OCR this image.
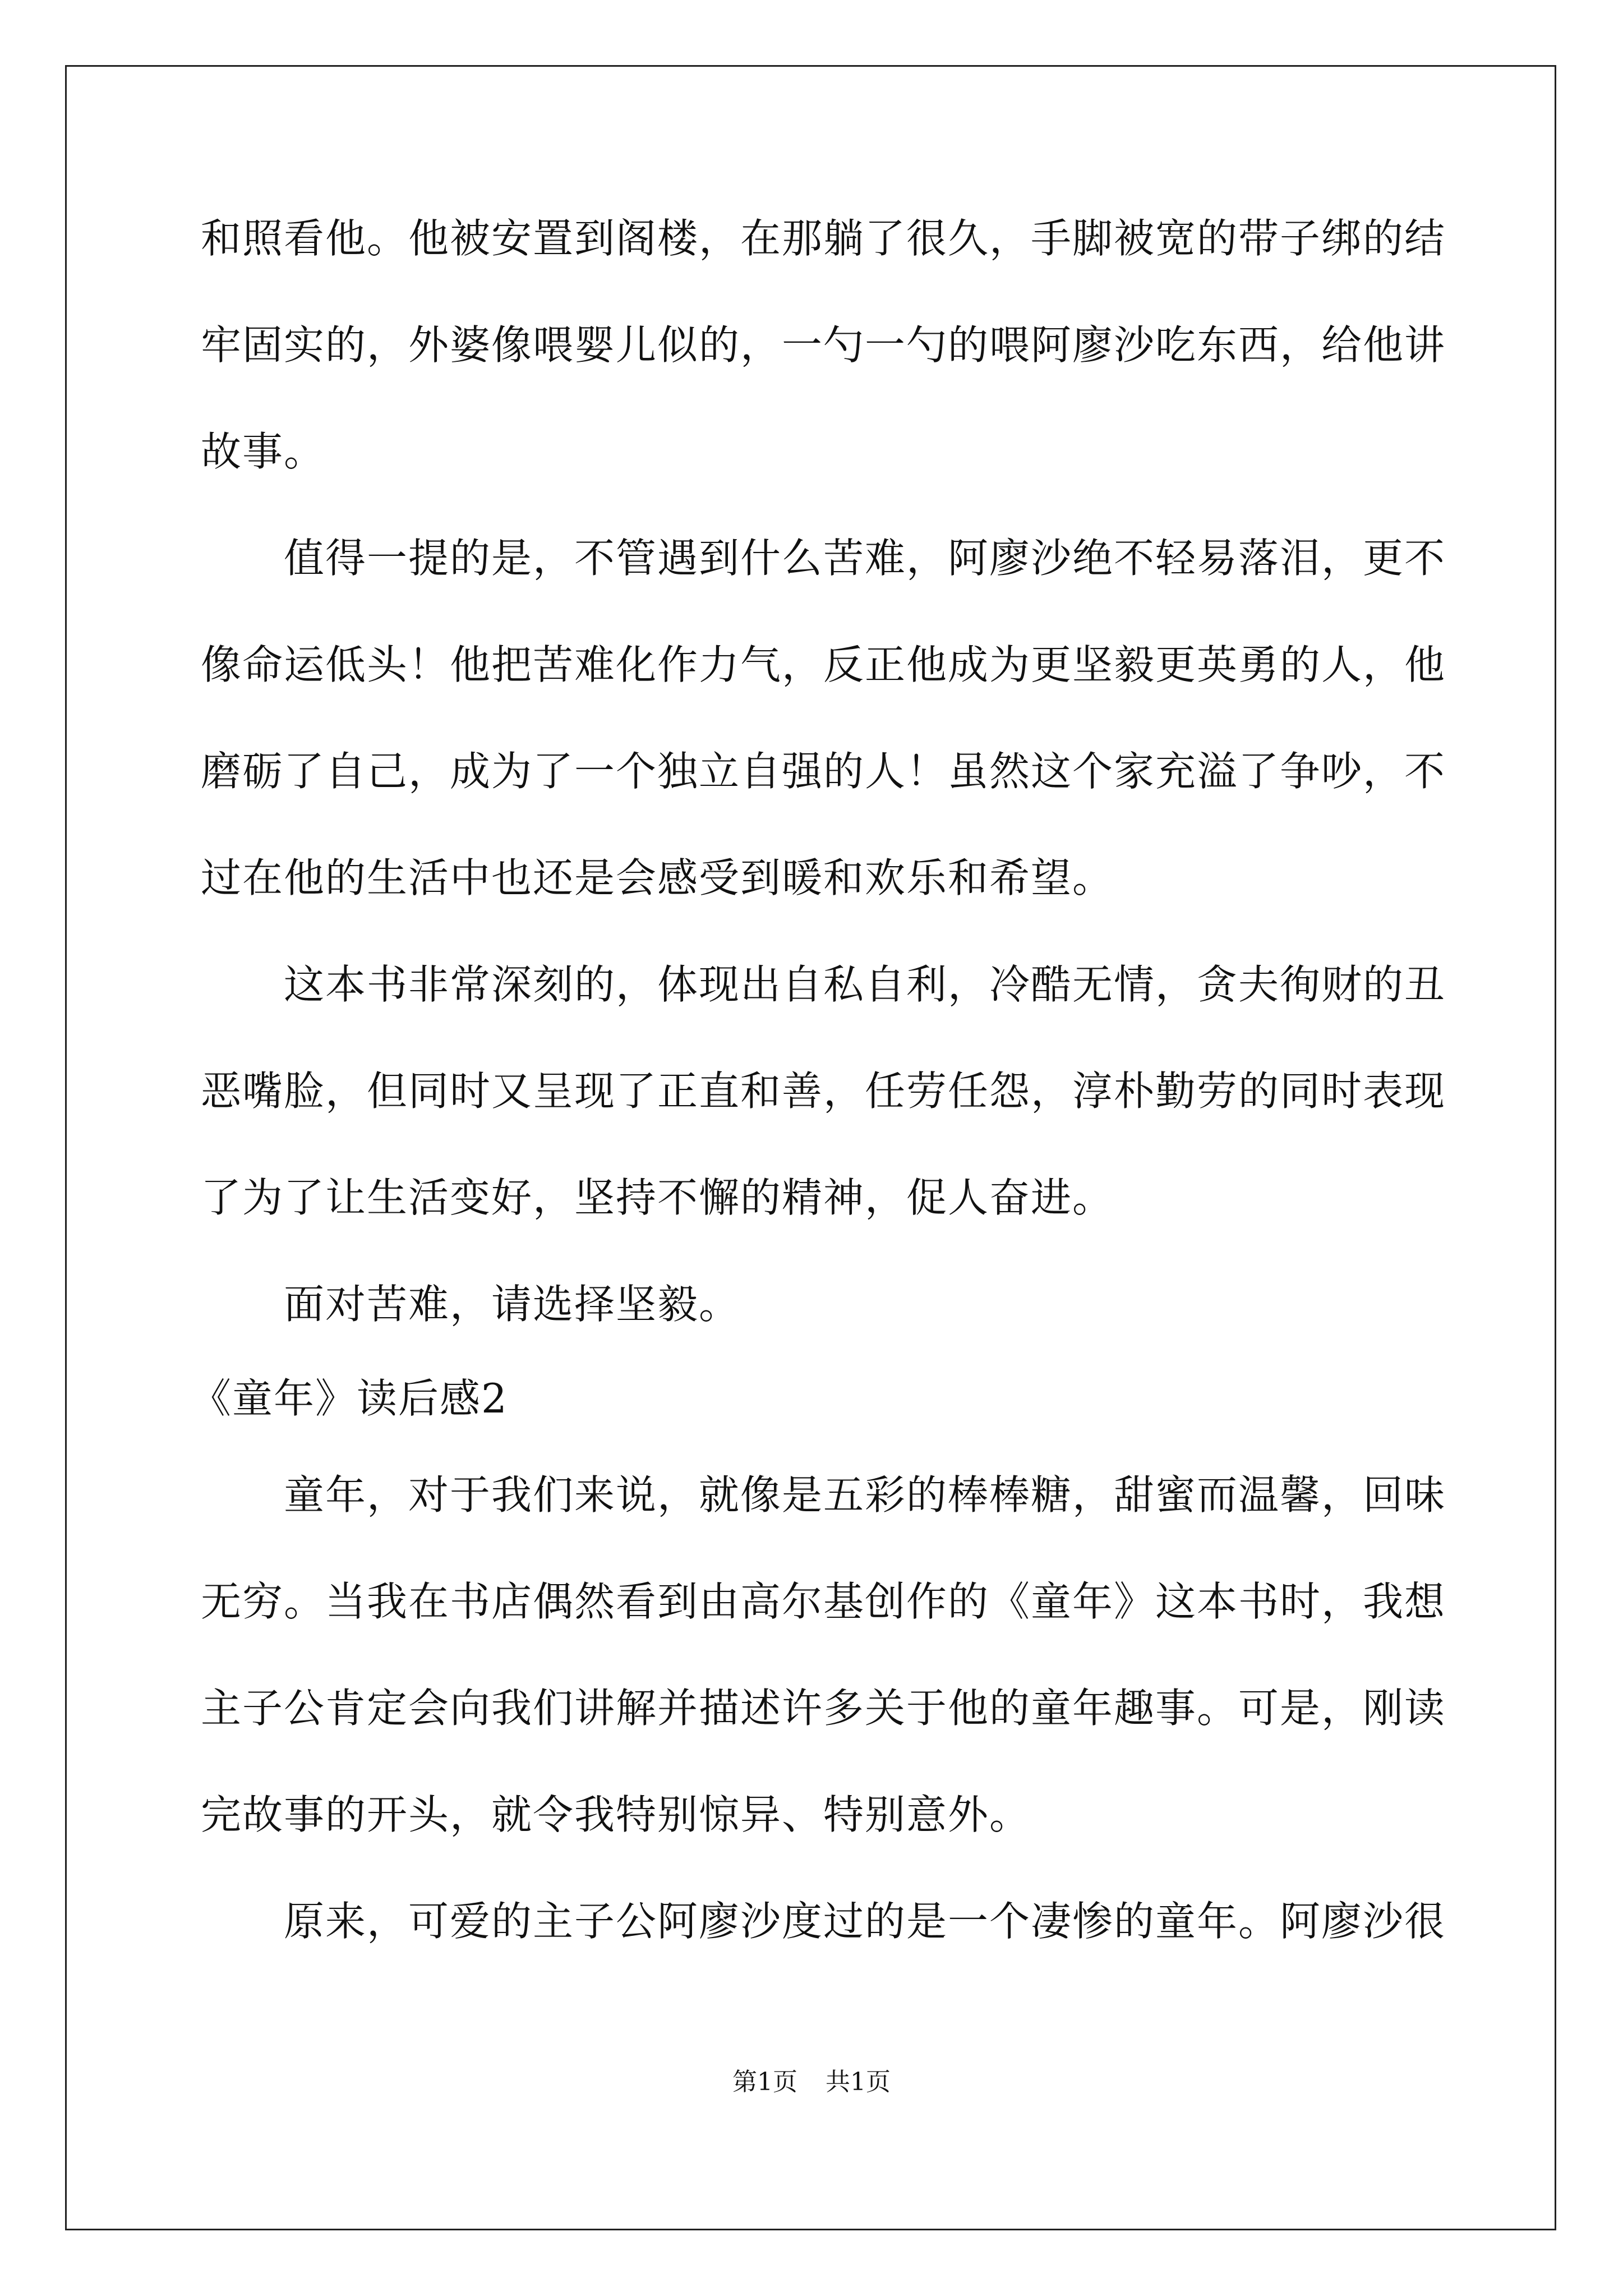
和照看他。他被安置到阁楼，在那躺了很久，手脚被宽的带子绑的结
牢固实的，外婆像喂婴儿似的，一勺一勺的喂阿廖沙吃东西，给他讲
故事。
值得一提的是，不管遇到什么苦难，阿廖沙绝不轻易落泪，更不
像命运低头！他把苦难化作力气，反正他成为更坚毅更英勇的人，他
磨砺了自己，成为了一个独立自强的人！虽然这个家充溢了争吵，不
过在他的生活中也还是会感受到暖和欢乐和希望。
这本书非常深刻的，体现出自私自利，冷酷无情，贪夫徇财的丑
恶嘴脸，但同时又呈现了正直和善，任劳任怨，淳朴勤劳的同时表现
了为了让生活变好，坚持不懈的精神，促人奋进。
面对苦难，请选择坚毅。
《童年》读后感2
童年，对于我们来说，就像是五彩的棒棒糖，甜蜜而温馨，回味
无穷。当我在书店偶然看到由高尔基创作的《童年》这本书时，我想
主子公肯定会向我们讲解并描述许多关于他的童年趣事。可是，刚读
完故事的开头，就令我特别惊异、特别意外。
原来，可爱的主子公阿廖沙度过的是一个凄惨的童年。阿廖沙很
第1页 共1页
